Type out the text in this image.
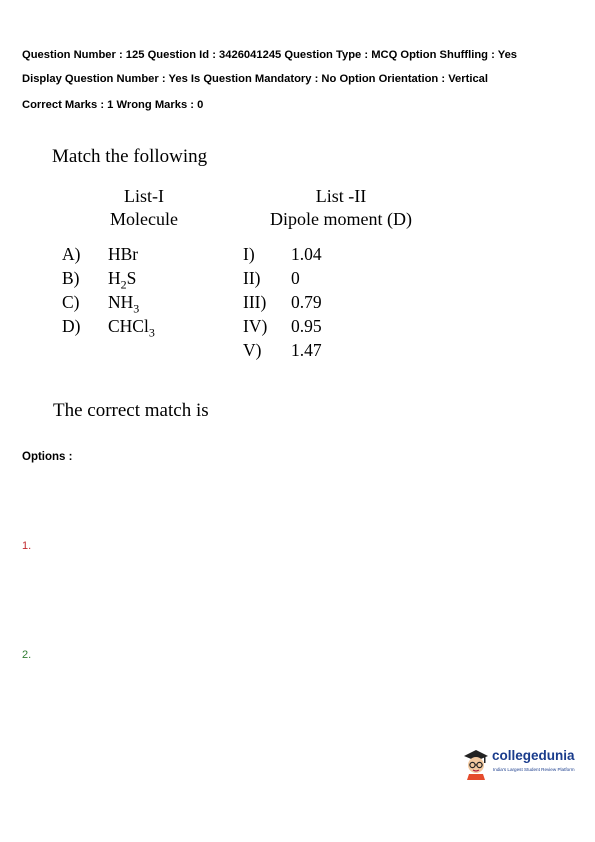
Question Number : 125 Question Id : 3426041245 Question Type : MCQ Option Shuffling : Yes
Display Question Number : Yes Is Question Mandatory : No Option Orientation : Vertical
Correct Marks : 1 Wrong Marks : 0
Match the following
List-I
Molecule
List -II
Dipole moment (D)
A) HBr
B) $H_2S$
C) $NH_3$
D) CHCl$_3$
I) 1.04
II) 0
III) 0.79
IV) 0.95
V) 1.47
The correct match is
Options :
1.
2.
collegedunia
India's Largest Student Review Platform
